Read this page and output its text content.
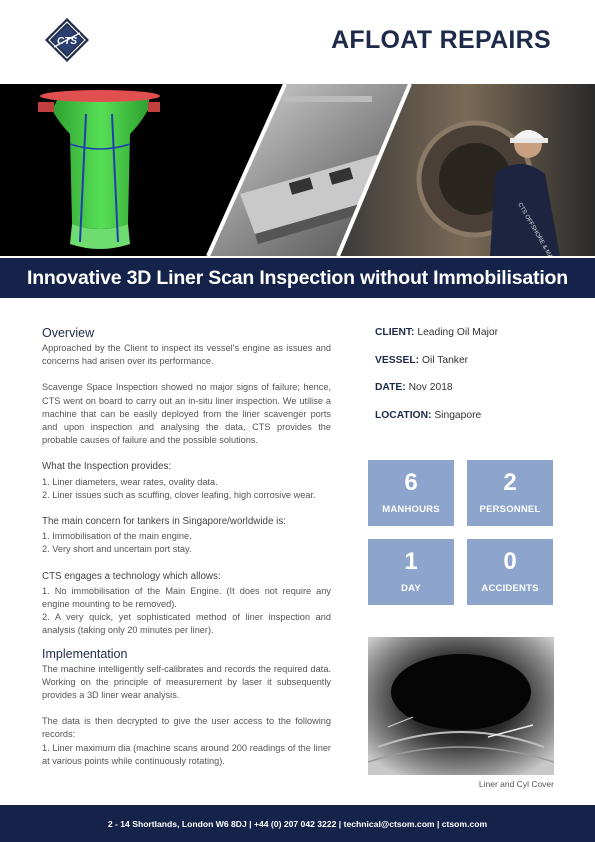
CTS	AFLOAT REPAIRS
Innovative 3D Liner Scan Inspection without Immobilisation
Overview

Approached by the Client to inspect its vessel's engine as issues and concerns had arisen over its performance.

Scavenge Space Inspection showed no major signs of failure; hence, CTS went on board to carry out an in-situ liner inspection. We utilise a machine that can be easily deployed from the liner scavenger ports and upon inspection and analysing the data, CTS provides the probable causes of failure and the possible solutions.

What the Inspection provides:

1. Liner diameters, wear rates, ovality data.

2. Liner issues such as scuffing, clover leafing, high corrosive wear.

The main concern for tankers in Singapore/worldwide is:

1. Immobilisation of the main engine.

2. Very short and uncertain port stay.

CTS engages a technology which allows:

1. No immobilisation of the Main Engine. (It does not require any engine mounting to be removed).

2. A very quick, yet sophisticated method of liner inspection and analysis (taking only 20 minutes per liner).

Implementation

The machine intelligently self-calibrates and records the required data. Working on the principle of measurement by laser it subsequently provides a 3D liner wear analysis.

The data is then decrypted to give the user access to the following records:

1. Liner maximum dia (machine scans around 200 readings of the liner at various points while continuously rotating).

CLIENT: Leading Oil Major
VESSEL: Oil Tanker
DATE: Nov 2018
LOCATION: Singapore
6
MANHOURS
2
PERSONNEL
1
DAY
0
ACCIDENTS
Liner and Cyl Cover
2 - 14 Shortlands, London W6 8DJ | +44 (0) 207 042 3222 | technical@ctsom.com | ctsom.com
